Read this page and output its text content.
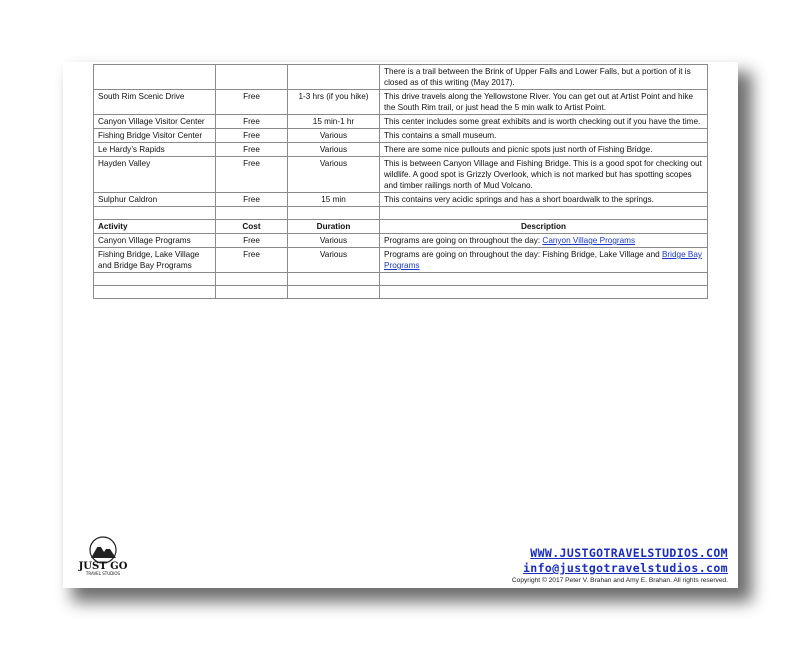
			There is a trail between the Brink of Upper Falls and Lower Falls, but a portion of it is closed as of this writing (May 2017).
South Rim Scenic Drive	Free	1-3 hrs (if you hike)	This drive travels along the Yellowstone River. You can get out at Artist Point and hike the South Rim trail, or just head the 5 min walk to Artist Point.
Canyon Village Visitor Center	Free	15 min-1 hr	This center includes some great exhibits and is worth checking out if you have the time.
Fishing Bridge Visitor Center	Free	Various	This contains a small museum.
Le Hardy’s Rapids	Free	Various	There are some nice pullouts and picnic spots just north of Fishing Bridge.
Hayden Valley	Free	Various	This is between Canyon Village and Fishing Bridge. This is a good spot for checking out wildlife. A good spot is Grizzly Overlook, which is not marked but has spotting scopes and timber railings north of Mud Volcano.
Sulphur Caldron	Free	15 min	This contains very acidic springs and has a short boardwalk to the springs.

Activity	Cost	Duration	Description
Canyon Village Programs	Free	Various	Programs are going on throughout the day: Canyon Village Programs
Fishing Bridge, Lake Village and Bridge Bay Programs	Free	Various	Programs are going on throughout the day: Fishing Bridge, Lake Village and Bridge Bay Programs

JUST GO
TRAVEL STUDIOS
WWW.JUSTGOTRAVELSTUDIOS.COM
info@justgotravelstudios.com
Copyright © 2017 Peter V. Brahan and Amy E. Brahan. All rights reserved.
